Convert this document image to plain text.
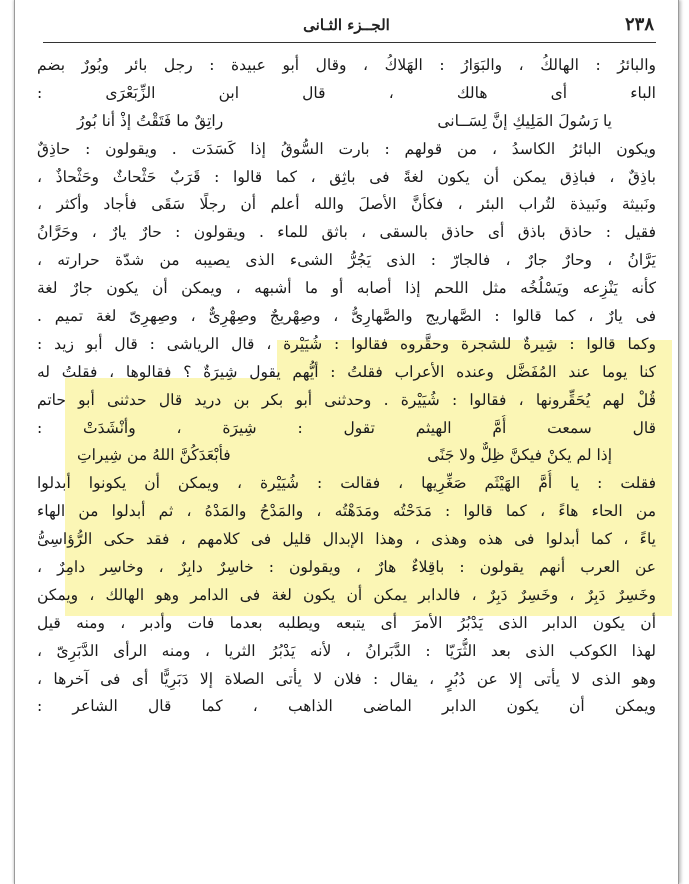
٢٣٨
الجــزء الثـانى
والبائرُ : الهالكُ ، والبَوَارُ : الهَلاكُ ، وقال أبو عبيدة : رجل بائر وبُورٌ بضم
الباء أى هالك ، قال ابن الزِّبَعْرَى :
يا رَسُولَ المَلِيكِ إنَّ لِسَــانى
راتِقٌ ما فَتَقْتُ إذْ أنا بُورُ
ويكون البائرُ الكاسدُ ، من قولهم : بارت السُّوقُ إذا كَسَدَت . ويقولون : حاذِقٌ
باذِقٌ ، فباذِق يمكن أن يكون لغةً فى باثِق ، كما قالوا : قَرَبٌ حَثْحاثٌ وحَثْحاذٌ ،
ونَبيثة ونَبيذة لتُراب البئر ، فكأنَّ الأصلَ والله أعلم أن رجلًا سَقَى فأجاد وأكثر ،
فقيل : حاذق باذق أى حاذق بالسقى ، باثق للماء . ويقولون : حارٌ يارٌ ، وحَرَّانُ
يَرَّانُ ، وحارٌ جارٌ ، فالجارّ : الذى يَجُرُّ الشىء الذى يصيبه من شدّة حرارته ،
كأنه يَنْزِعه ويَسْلُخُه مثل اللحم إذا أصابه أو ما أشبهه ، ويمكن أن يكون جارٌ لغة
فى يارٌ ، كما قالوا : الصَّهاريج والصَّهارِىُّ ، وصِهْريجٌ وصِهْرِىٌّ ، وصِهرِىّ لغة تميم .
وكما قالوا : شِيرةٌ للشجرة وحقَّروه فقالوا : شُيَيْرة ، قال الرياشى : قال أبو زيد :
كنا يوما عند المُفَضَّل وعنده الأعراب فقلتُ : أيُّهم يقول شِيرَةٌ ؟ فقالوها ، فقلتُ له
قُلْ لهم يُحَقِّرونها ، فقالوا : شُيَيْرة . وحدثنى أبو بكر بن دريد قال حدثنى أبو حاتم
قال سمعت أُمَّ الهيثم تقول : شِيرَة ، وأنْشَدَتْ :
إذا لم يكنْ فيكنَّ ظِلٌّ ولا جَنًى
فأبْعَدَكُنَّ اللهُ من شِيراتِ
فقلت : يا أُمَّ الهَيْثَم صَغِّرِيها ، فقالت : شُيَيْرة ، ويمكن أن يكونوا أبدلوا
من الحاء هاءً ، كما قالوا : مَدَحْتُه ومَدَهْتُه ، والمَدْحُ والمَدْهُ ، ثم أبدلوا من الهاء
ياءً ، كما أبدلوا فى هذه وهذى ، وهذا الإبدال قليل فى كلامهم ، فقد حكى الرُّؤاسِىُّ
عن العرب أنهم يقولون : باقِلاءٌ هارٌ ، ويقولون : خاسِرٌ دابِرٌ ، وخاسِر دامِرٌ ،
وخَسِرٌ دَبِرٌ ، وخَسِرٌ دَبِرٌ ، فالدابر يمكن أن يكون لغة فى الدامر وهو الهالك ، ويمكن
أن يكون الدابر الذى يَدْبُرُ الأمرَ أى يتبعه ويطلبه بعدما فات وأدبر ، ومنه قيل
لهذا الكوكب الذى بعد الثُّرَيّا : الدَّبَرانُ ، لأنه يَدْبُرُ الثريا ، ومنه الرأى الدَّبَرِىّ ،
وهو الذى لا يأتى إلا عن دُبُرٍ ، يقال : فلان لا يأتى الصلاة إلا دَبَرِيًّا أى فى آخرها ،
ويمكن أن يكون الدابر الماضى الذاهب ، كما قال الشاعر :
